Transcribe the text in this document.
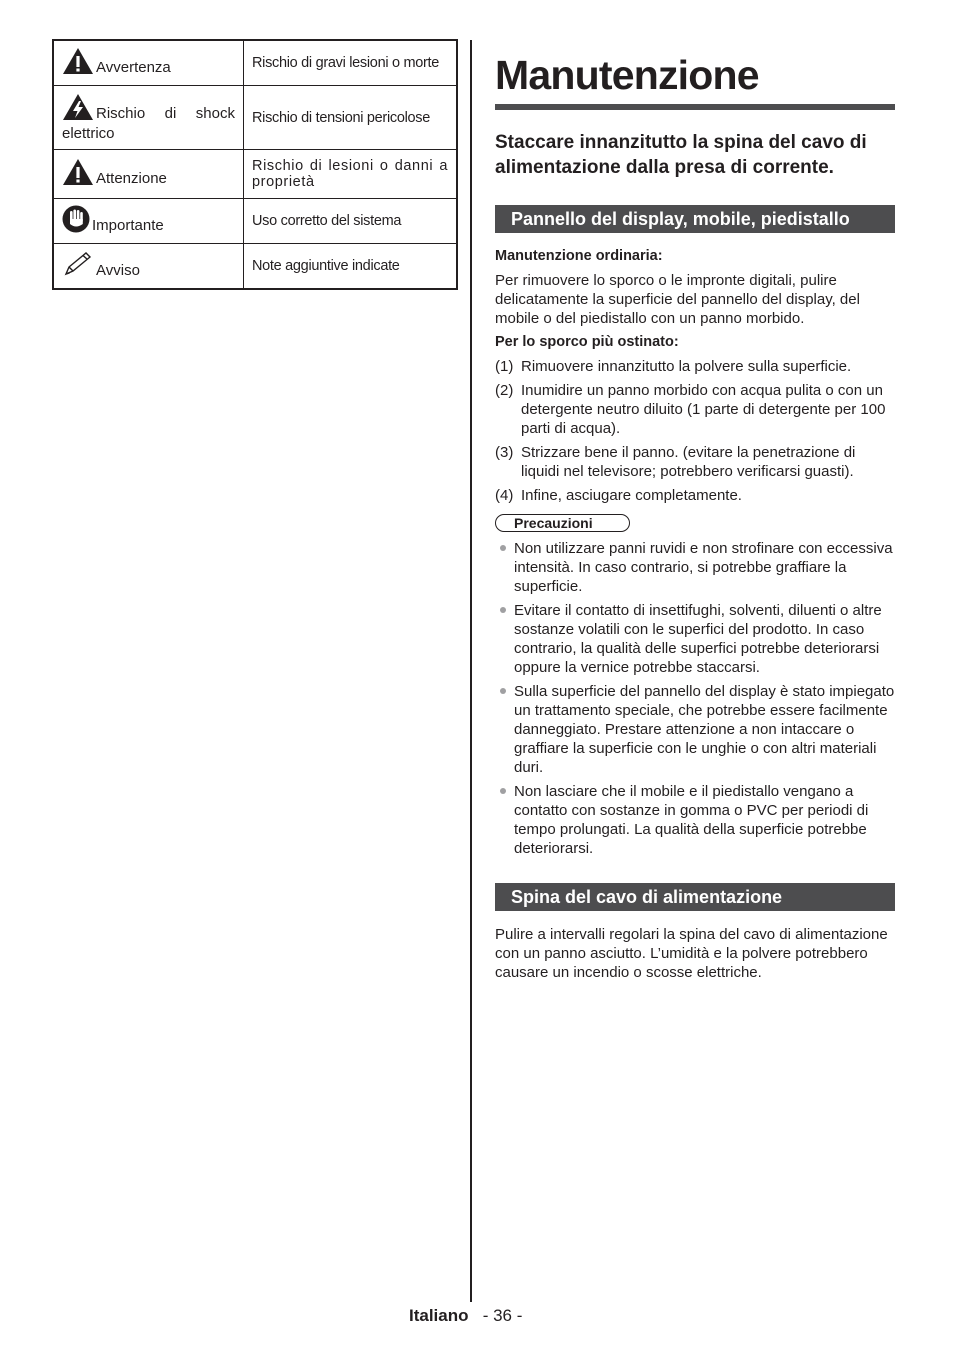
Avvertenza	Rischio di gravi lesioni o morte

Rischio di shock elettrico	Rischio di tensioni pericolose
Attenzione	Rischio di lesioni o danni a proprietà
Importante	Uso corretto del sistema
Avviso	Note aggiuntive indicate
Manutenzione

Staccare innanzitutto la spina del cavo di alimentazione dalla presa di corrente.

Pannello del display, mobile, piedistallo

Manutenzione ordinaria:

Per rimuovere lo sporco o le impronte digitali, pulire delicatamente la superficie del pannello del display, del mobile o del piedistallo con un panno morbido.

Per lo sporco più ostinato:

(1) Rimuovere innanzitutto la polvere sulla superficie.
(2) Inumidire un panno morbido con acqua pulita o con un detergente neutro diluito (1 parte di detergente per 100 parti di acqua).
(3) Strizzare bene il panno. (evitare la penetrazione di liquidi nel televisore; potrebbero verificarsi guasti).
(4) Infine, asciugare completamente.
Precauzioni
Non utilizzare panni ruvidi e non strofinare con eccessiva intensità. In caso contrario, si potrebbe graffiare la superficie.
Evitare il contatto di insettifughi, solventi, diluenti o altre sostanze volatili con le superfici del prodotto. In caso contrario, la qualità delle superfici potrebbe deteriorarsi oppure la vernice potrebbe staccarsi.
Sulla superficie del pannello del display è stato impiegato un trattamento speciale, che potrebbe essere facilmente danneggiato. Prestare attenzione a non intaccare o graffiare la superficie con le unghie o con altri materiali duri.
Non lasciare che il mobile e il piedistallo vengano a contatto con sostanze in gomma o PVC per periodi di tempo prolungati. La qualità della superficie potrebbe deteriorarsi.
Spina del cavo di alimentazione

Pulire a intervalli regolari la spina del cavo di alimentazione con un panno asciutto. L’umidità e la polvere potrebbero causare un incendio o scosse elettriche.

Italiano - 36 -
